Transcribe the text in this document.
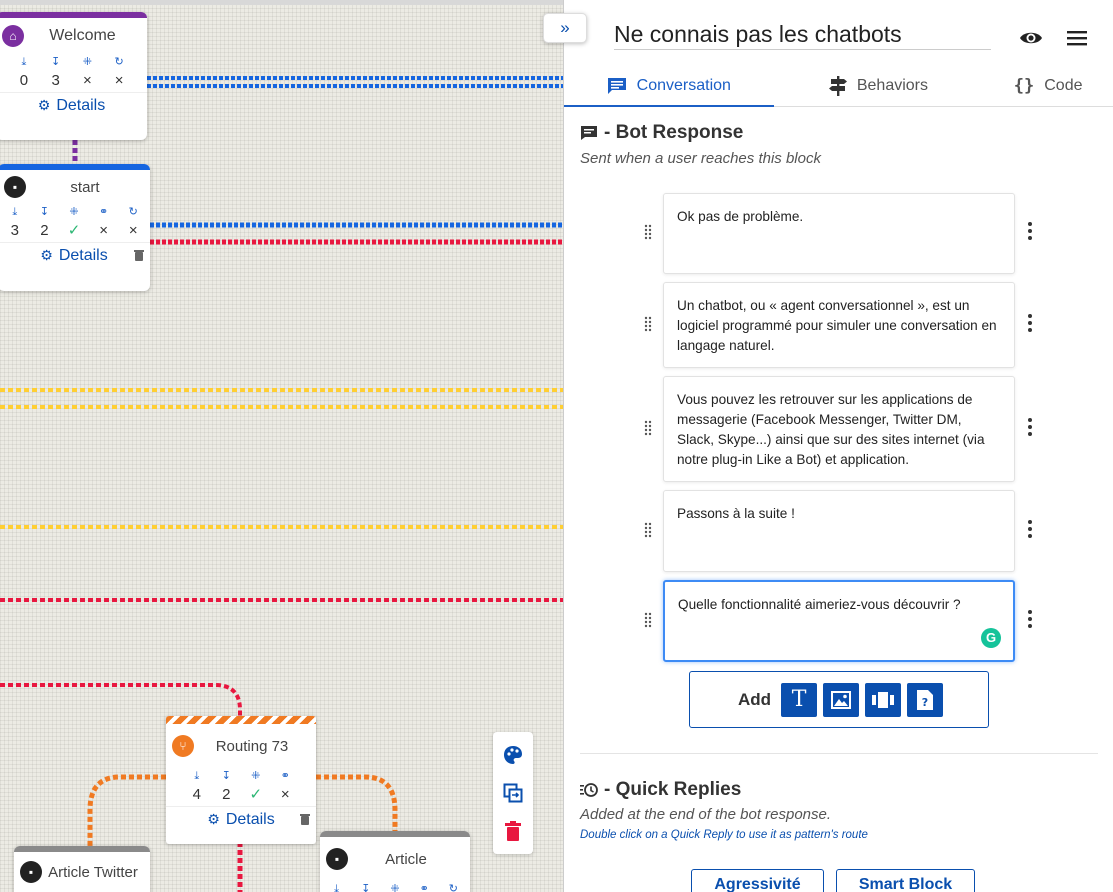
⌂	Welcome
⤓	↧	⁜	↻
0	3	×	×
⚙ Details
▪	start
⤓	↧	⁜	⚭	↻
3	2	✓	×	×
⚙ Details
⑂	Routing 73
⤓	↧	⁜	⚭
4	2	✓	×
⚙ Details
▪	Article Twitter
▪	Article
⤓	↧	⁜	⚭	↻
»
Ne connais pas les chatbots
Conversation	Behaviors	{} Code
- Bot Response
Sent when a user reaches this block
Ok pas de problème.
Un chatbot, ou « agent conversationnel », est un logiciel programmé pour simuler une conversation en langage naturel.
Vous pouvez les retrouver sur les applications de messagerie (Facebook Messenger, Twitter DM, Slack, Skype...) ainsi que sur des sites internet (via notre plug-in Like a Bot) et application.
Passons à la suite !
Quelle fonctionnalité aimeriez-vous découvrir ?
G
Add T	?
- Quick Replies
Added at the end of the bot response.
Double click on a Quick Reply to use it as pattern's route
Agressivité	Smart Block
